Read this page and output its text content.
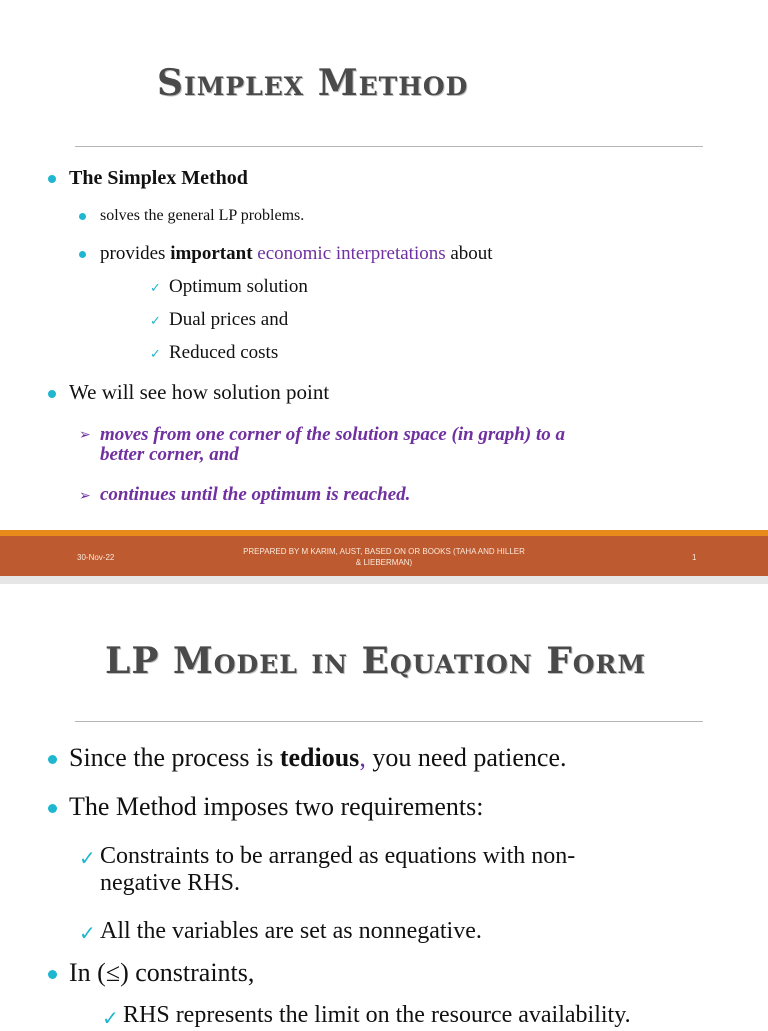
Simplex Method
The Simplex Method
solves the general LP problems.
provides important economic interpretations about
✓ Optimum solution
✓ Dual prices and
✓ Reduced costs
We will see how solution point
➢ moves from one corner of the solution space (in graph) to a
better corner, and
➢ continues until the optimum is reached.
30-Nov-22
PREPARED BY M KARIM, AUST, BASED ON OR BOOKS (TAHA AND HILLER
& LIEBERMAN)
1
LP Model in Equation Form
Since the process is tedious, you need patience.
The Method imposes two requirements:
✓ Constraints to be arranged as equations with non-
negative RHS.
✓ All the variables are set as nonnegative.
In (≤) constraints,
✓ RHS represents the limit on the resource availability.
